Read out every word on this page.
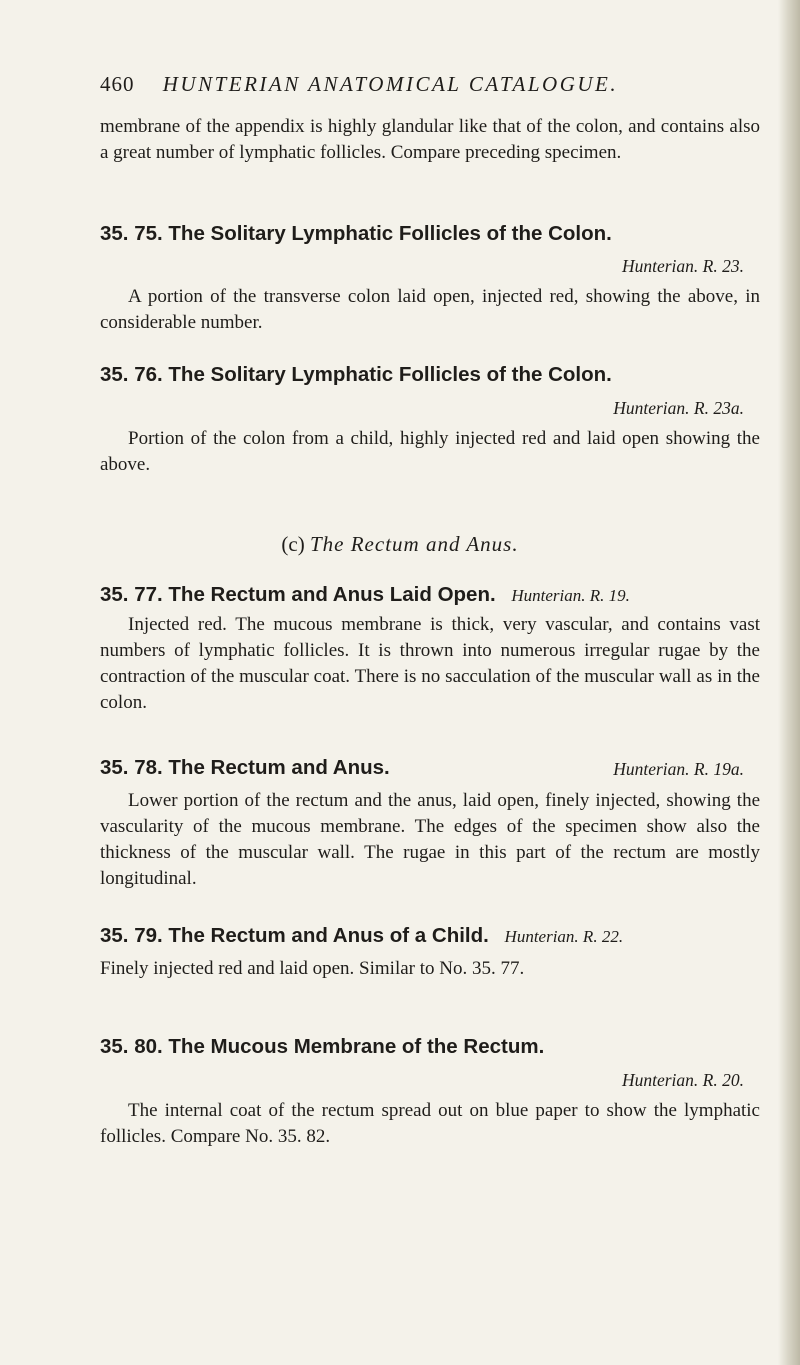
460 HUNTERIAN ANATOMICAL CATALOGUE.
membrane of the appendix is highly glandular like that of the colon, and contains also a great number of lymphatic follicles. Compare preceding specimen.
35. 75. The Solitary Lymphatic Follicles of the Colon.
Hunterian. R. 23.
A portion of the transverse colon laid open, injected red, showing the above, in considerable number.
35. 76. The Solitary Lymphatic Follicles of the Colon.
Hunterian. R. 23a.
Portion of the colon from a child, highly injected red and laid open showing the above.
(c) The Rectum and Anus.
35. 77. The Rectum and Anus Laid Open. Hunterian. R. 19.
Injected red. The mucous membrane is thick, very vascular, and contains vast numbers of lymphatic follicles. It is thrown into numerous irregular rugae by the contraction of the muscular coat. There is no sacculation of the muscular wall as in the colon.
35. 78. The Rectum and Anus.	Hunterian. R. 19a.
Lower portion of the rectum and the anus, laid open, finely injected, showing the vascularity of the mucous membrane. The edges of the specimen show also the thickness of the muscular wall. The rugae in this part of the rectum are mostly longitudinal.
35. 79. The Rectum and Anus of a Child. Hunterian. R. 22.
Finely injected red and laid open. Similar to No. 35. 77.
35. 80. The Mucous Membrane of the Rectum.
Hunterian. R. 20.
The internal coat of the rectum spread out on blue paper to show the lymphatic follicles. Compare No. 35. 82.
